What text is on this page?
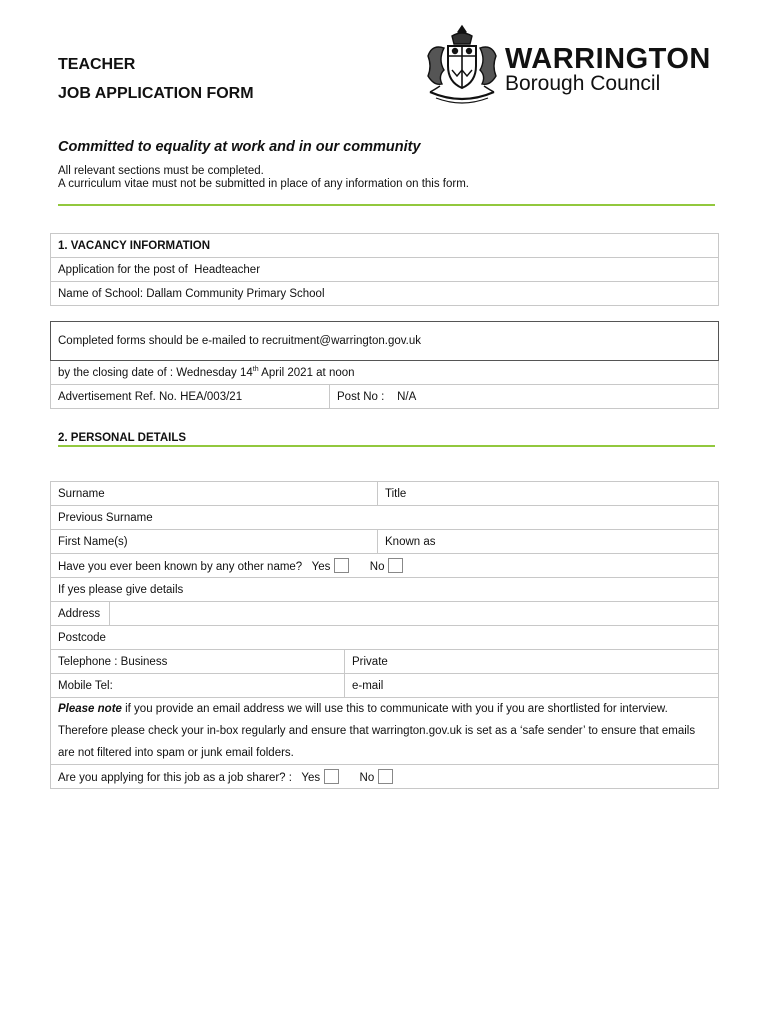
TEACHER
JOB APPLICATION FORM
WARRINGTON
Borough Council
Committed to equality at work and in our community
All relevant sections must be completed.
A curriculum vitae must not be submitted in place of any information on this form.
1. VACANCY INFORMATION
Application for the post of Headteacher
Name of School: Dallam Community Primary School
Completed forms should be e-mailed to recruitment@warrington.gov.uk
by the closing date of : Wednesday 14th April 2021 at noon
Advertisement Ref. No. HEA/003/21	Post No : N/A
2. PERSONAL DETAILS
Surname			Title
Previous Surname			
First Name(s)			Known as
Have you ever been known by any other name? Yes No			
If yes please give details			
Address			
Postcode			
Telephone : Business		Private	
Mobile Tel:		e-mail	
Please note if you provide an email address we will use this to communicate with you if you are shortlisted for interview. Therefore please check your in-box regularly and ensure that warrington.gov.uk is set as a ‘safe sender’ to ensure that emails are not filtered into spam or junk email folders.			
Are you applying for this job as a job sharer? : Yes No			
